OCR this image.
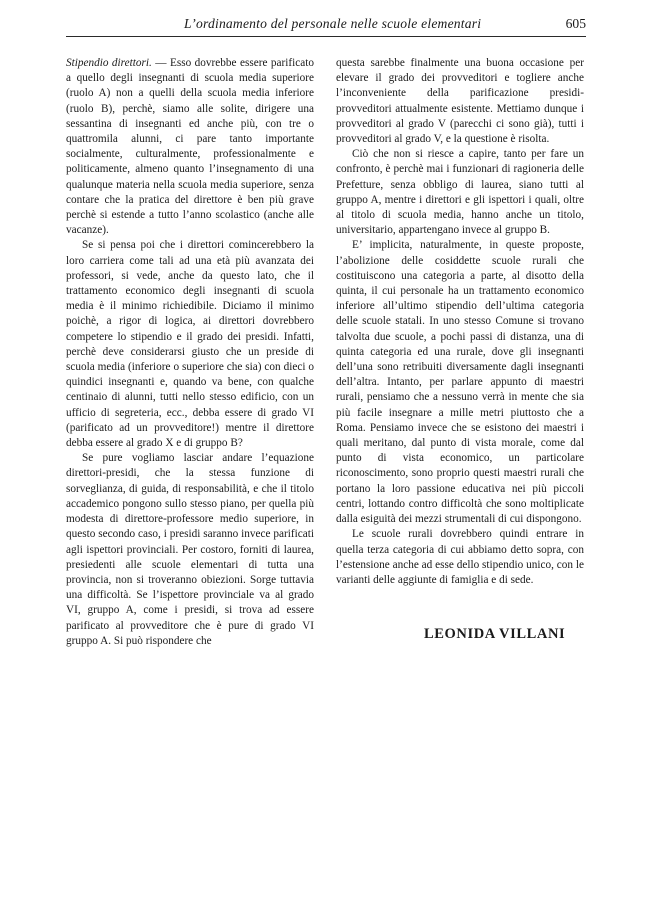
L’ordinamento del personale nelle scuole elementari	605

Stipendio direttori. — Esso dovrebbe essere parificato a quello degli insegnanti di scuola media superiore (ruolo A) non a quelli della scuola media inferiore (ruolo B), perchè, siamo alle solite, dirigere una sessantina di insegnanti ed anche più, con tre o quattromila alunni, ci pare tanto importante socialmente, culturalmente, professionalmente e politicamente, almeno quanto l’insegnamento di una qualunque materia nella scuola media superiore, senza contare che la pratica del direttore è ben più grave perchè si estende a tutto l’anno scolastico (anche alle vacanze).

Se si pensa poi che i direttori comincerebbero la loro carriera come tali ad una età più avanzata dei professori, si vede, anche da questo lato, che il trattamento economico degli insegnanti di scuola media è il minimo richiedibile. Diciamo il minimo poichè, a rigor di logica, ai direttori dovrebbero competere lo stipendio e il grado dei presidi. Infatti, perchè deve considerarsi giusto che un preside di scuola media (inferiore o superiore che sia) con dieci o quindici insegnanti e, quando va bene, con qualche centinaio di alunni, tutti nello stesso edificio, con un ufficio di segreteria, ecc., debba essere di grado VI (parificato ad un provveditore!) mentre il direttore debba essere al grado X e di gruppo B?

Se pure vogliamo lasciar andare l’equazione direttori-presidi, che la stessa funzione di sorveglianza, di guida, di responsabilità, e che il titolo accademico pongono sullo stesso piano, per quella più modesta di direttore-professore medio superiore, in questo secondo caso, i presidi saranno invece parificati agli ispettori provinciali. Per costoro, forniti di laurea, presiedenti alle scuole elementari di tutta una provincia, non si troveranno obiezioni. Sorge tuttavia una difficoltà. Se l’ispettore provinciale va al grado VI, gruppo A, come i presidi, si trova ad essere parificato al provveditore che è pure di grado VI gruppo A. Si può rispondere che

questa sarebbe finalmente una buona occasione per elevare il grado dei provveditori e togliere anche l’inconveniente della parificazione presidi-provveditori attualmente esistente. Mettiamo dunque i provveditori al grado V (parecchi ci sono già), tutti i provveditori al grado V, e la questione è risolta.

Ciò che non si riesce a capire, tanto per fare un confronto, è perchè mai i funzionari di ragioneria delle Prefetture, senza obbligo di laurea, siano tutti al gruppo A, mentre i direttori e gli ispettori i quali, oltre al titolo di scuola media, hanno anche un titolo, universitario, appartengano invece al gruppo B.

E’ implicita, naturalmente, in queste proposte, l’abolizione delle cosiddette scuole rurali che costituiscono una categoria a parte, al disotto della quinta, il cui personale ha un trattamento economico inferiore all’ultimo stipendio dell’ultima categoria delle scuole statali. In uno stesso Comune si trovano talvolta due scuole, a pochi passi di distanza, una di quinta categoria ed una rurale, dove gli insegnanti dell’una sono retribuiti diversamente dagli insegnanti dell’altra. Intanto, per parlare appunto di maestri rurali, pensiamo che a nessuno verrà in mente che sia più facile insegnare a mille metri piuttosto che a Roma. Pensiamo invece che se esistono dei maestri i quali meritano, dal punto di vista morale, come dal punto di vista economico, un particolare riconoscimento, sono proprio questi maestri rurali che portano la loro passione educativa nei più piccoli centri, lottando contro difficoltà che sono moltiplicate dalla esiguità dei mezzi strumentali di cui dispongono.

Le scuole rurali dovrebbero quindi entrare in quella terza categoria di cui abbiamo detto sopra, con l’estensione anche ad esse dello stipendio unico, con le varianti delle aggiunte di famiglia e di sede.

LEONIDA VILLANI
